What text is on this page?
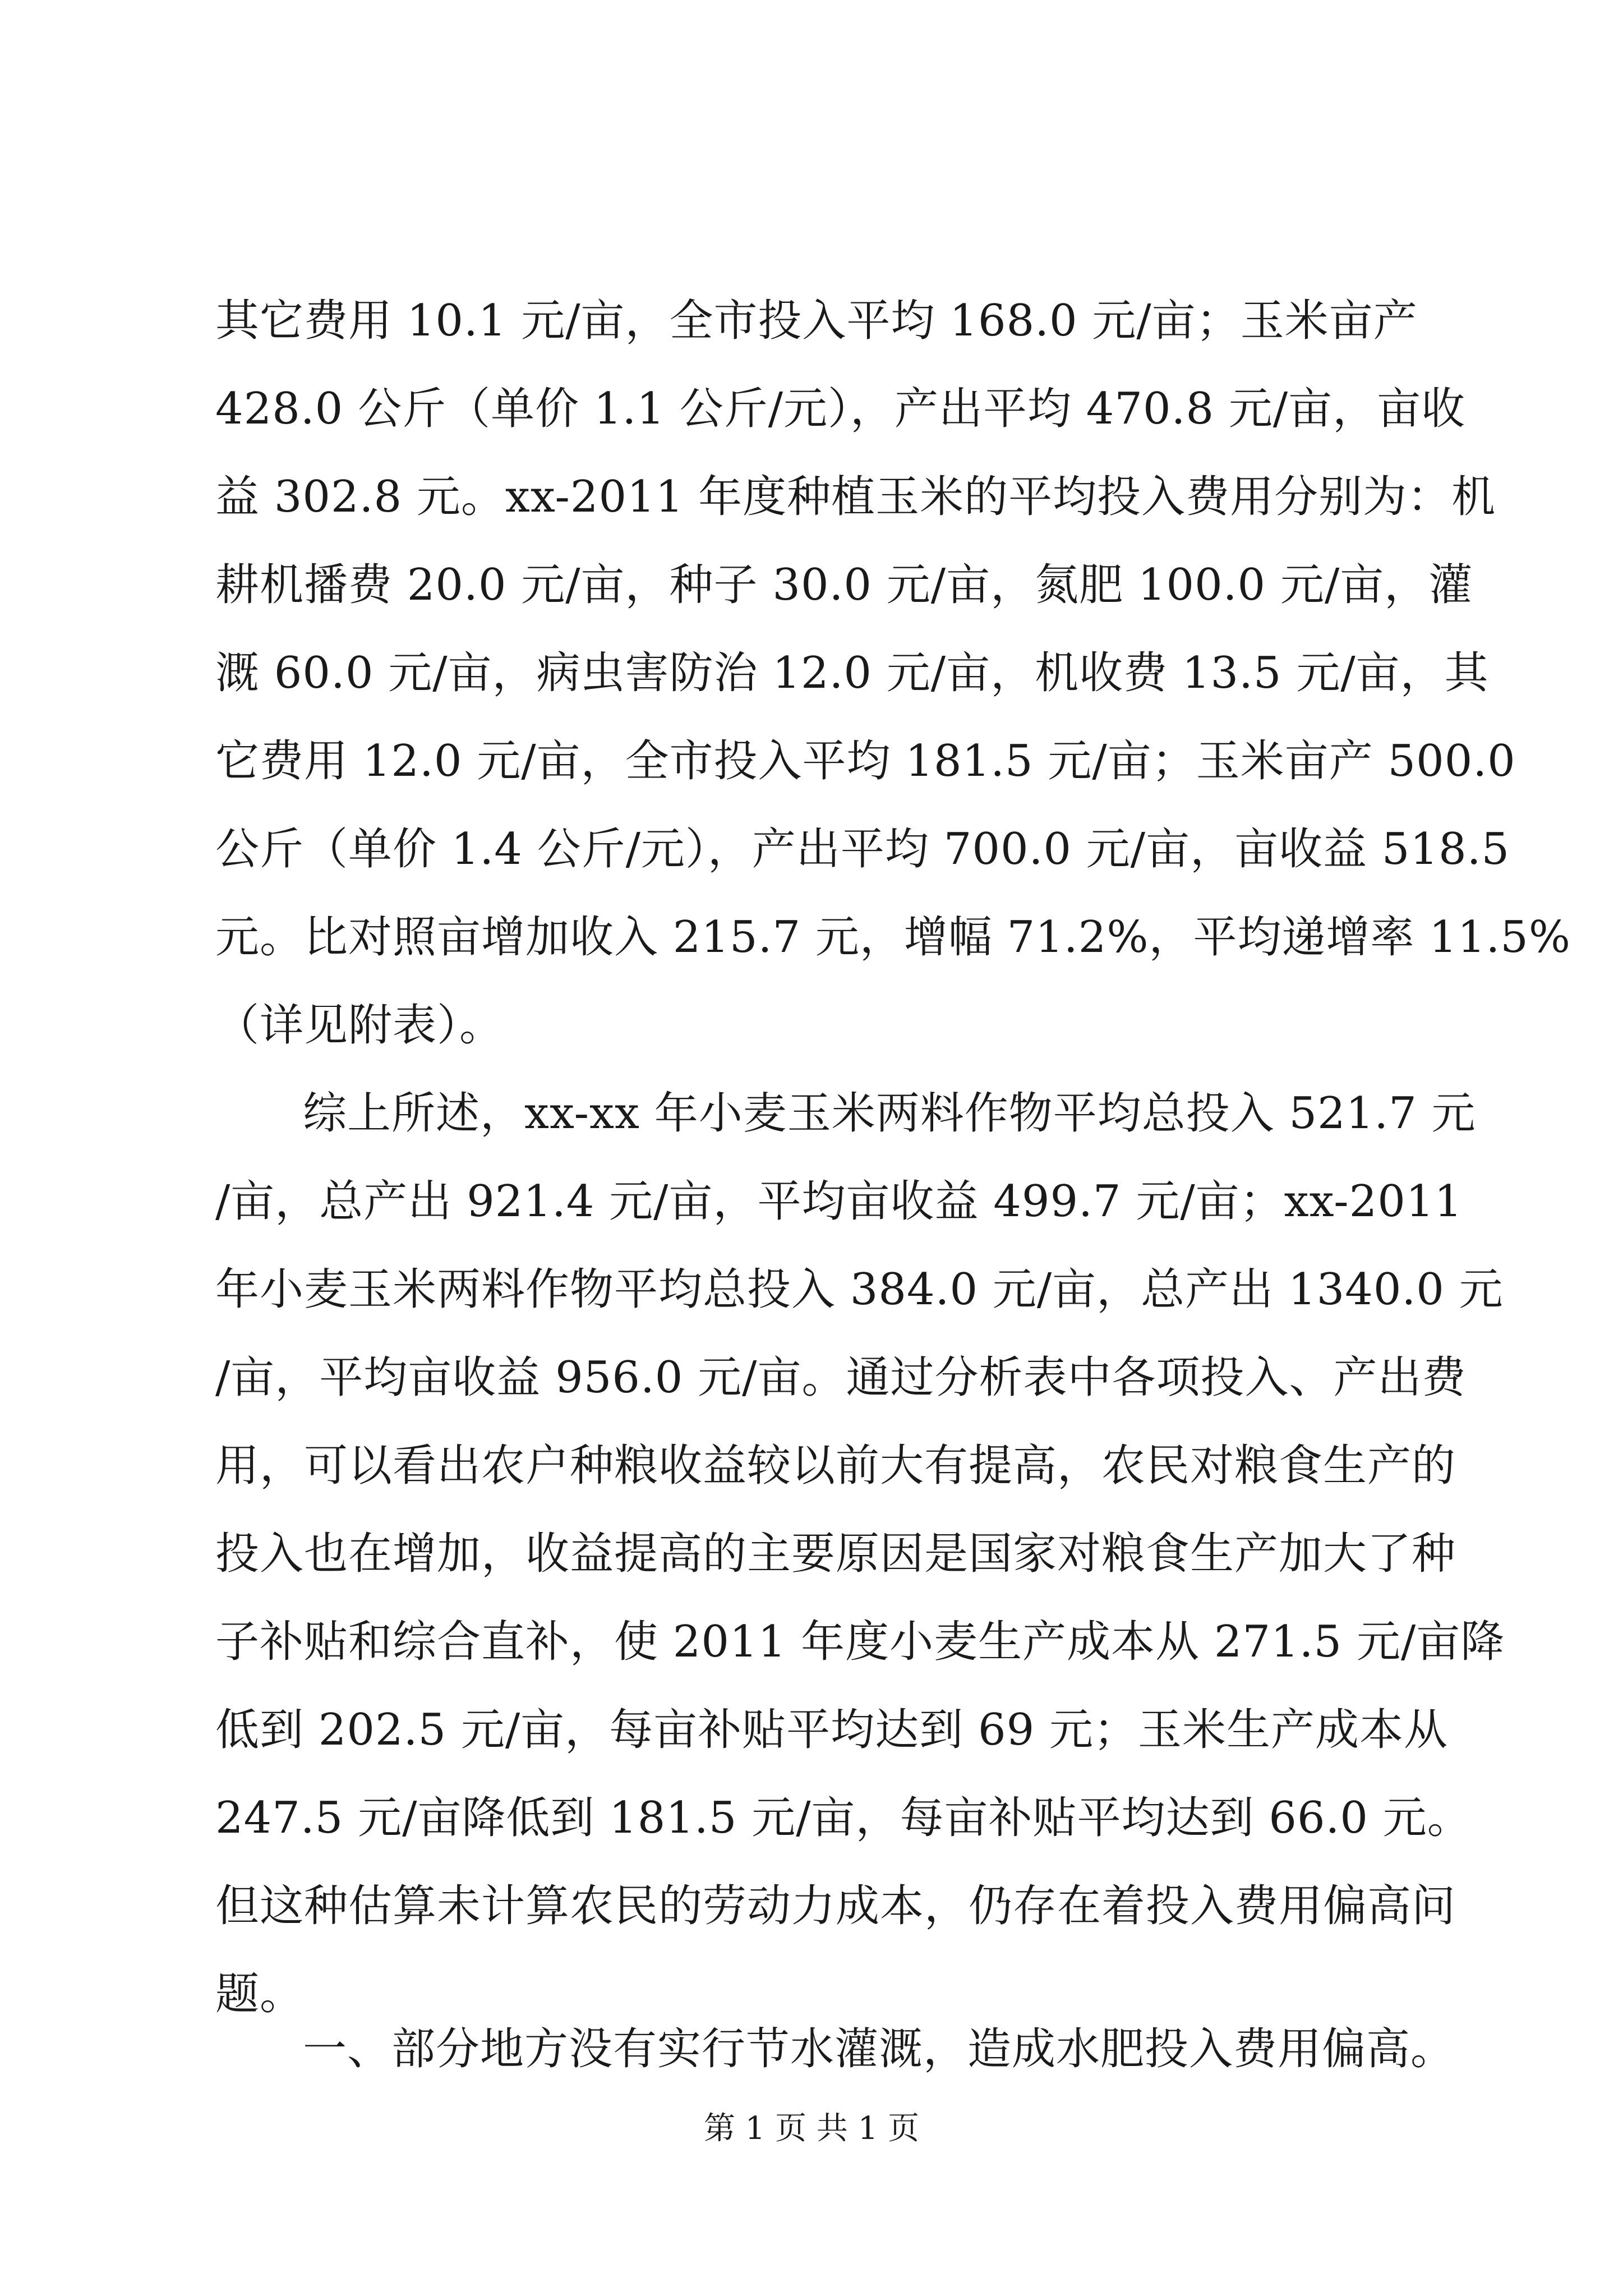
其它费用 10.1 元/亩，全市投入平均 168.0 元/亩；玉米亩产
428.0 公斤（单价 1.1 公斤/元），产出平均 470.8 元/亩，亩收
益 302.8 元。xx-2011 年度种植玉米的平均投入费用分别为：机
耕机播费 20.0 元/亩，种子 30.0 元/亩，氮肥 100.0 元/亩，灌
溉 60.0 元/亩，病虫害防治 12.0 元/亩，机收费 13.5 元/亩，其
它费用 12.0 元/亩，全市投入平均 181.5 元/亩；玉米亩产 500.0
公斤（单价 1.4 公斤/元），产出平均 700.0 元/亩，亩收益 518.5
元。比对照亩增加收入 215.7 元，增幅 71.2%，平均递增率 11.5%
（详见附表）。
综上所述，xx-xx 年小麦玉米两料作物平均总投入 521.7 元
/亩，总产出 921.4 元/亩，平均亩收益 499.7 元/亩；xx-2011
年小麦玉米两料作物平均总投入 384.0 元/亩，总产出 1340.0 元
/亩，平均亩收益 956.0 元/亩。通过分析表中各项投入、产出费
用，可以看出农户种粮收益较以前大有提高，农民对粮食生产的
投入也在增加，收益提高的主要原因是国家对粮食生产加大了种
子补贴和综合直补，使 2011 年度小麦生产成本从 271.5 元/亩降
低到 202.5 元/亩，每亩补贴平均达到 69 元；玉米生产成本从
247.5 元/亩降低到 181.5 元/亩，每亩补贴平均达到 66.0 元。
但这种估算未计算农民的劳动力成本，仍存在着投入费用偏高问
题。
一、部分地方没有实行节水灌溉，造成水肥投入费用偏高。
第 1 页 共 1 页
